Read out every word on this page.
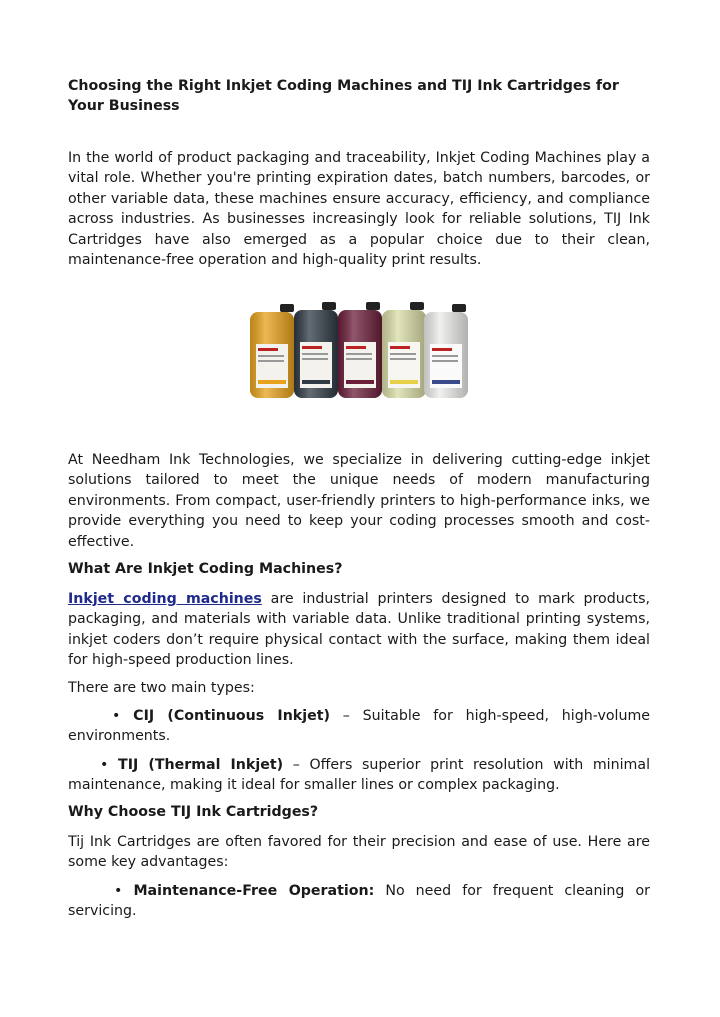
Choosing the Right Inkjet Coding Machines and TIJ Ink Cartridges for Your Business

In the world of product packaging and traceability, Inkjet Coding Machines play a vital role. Whether you're printing expiration dates, batch numbers, barcodes, or other variable data, these machines ensure accuracy, efficiency, and compliance across industries. As businesses increasingly look for reliable solutions, TIJ Ink Cartridges have also emerged as a popular choice due to their clean, maintenance-free operation and high-quality print results.

At Needham Ink Technologies, we specialize in delivering cutting-edge inkjet solutions tailored to meet the unique needs of modern manufacturing environments. From compact, user-friendly printers to high-performance inks, we provide everything you need to keep your coding processes smooth and cost-effective.

What Are Inkjet Coding Machines?

Inkjet coding machines are industrial printers designed to mark products, packaging, and materials with variable data. Unlike traditional printing systems, inkjet coders don’t require physical contact with the surface, making them ideal for high-speed production lines.

There are two main types:

• CIJ (Continuous Inkjet) – Suitable for high-speed, high-volume environments.

• TIJ (Thermal Inkjet) – Offers superior print resolution with minimal maintenance, making it ideal for smaller lines or complex packaging.

Why Choose TIJ Ink Cartridges?

Tij Ink Cartridges are often favored for their precision and ease of use. Here are some key advantages:

• Maintenance-Free Operation: No need for frequent cleaning or servicing.
